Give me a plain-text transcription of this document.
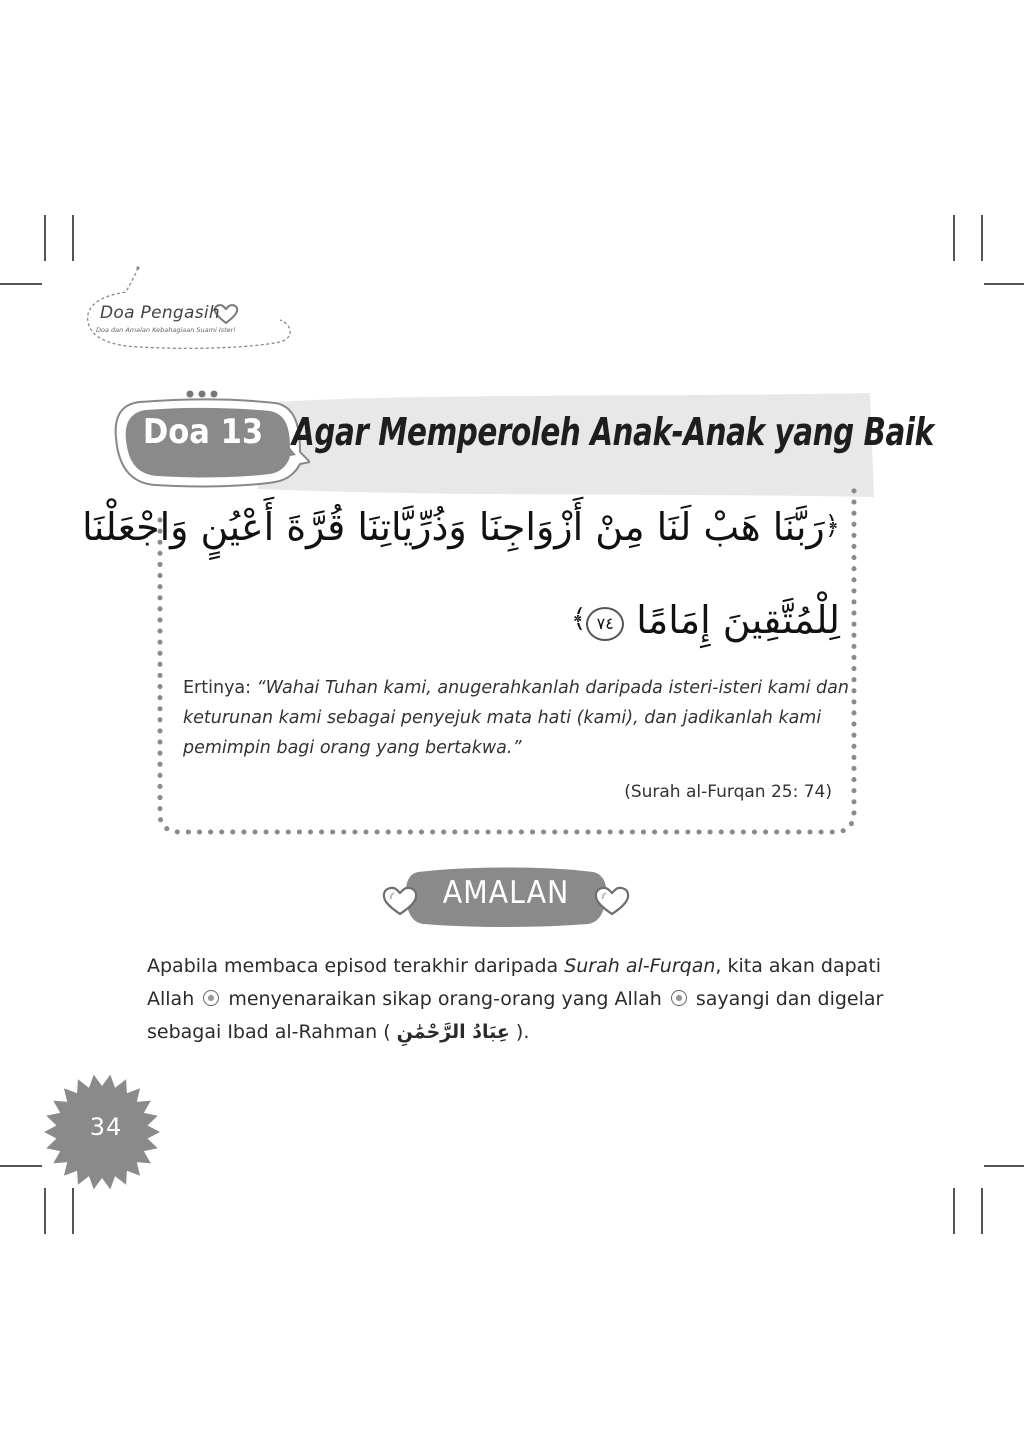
Doa Pengasih
Doa dan Amalan Kebahagiaan Suami Isteri
Doa 13 Agar Memperoleh Anak-Anak yang Baik
﴿رَبَّنَا هَبْ لَنَا مِنْ أَزْوَاجِنَا وَذُرِّيَّاتِنَا قُرَّةَ أَعْيُنٍ وَاجْعَلْنَا
لِلْمُتَّقِينَ إِمَامًا ٧٤﴾
Ertinya: “Wahai Tuhan kami, anugerahkanlah daripada isteri-isteri kami dan keturunan kami sebagai penyejuk mata hati (kami), dan jadikanlah kami pemimpin bagi orang yang bertakwa.”
(Surah al-Furqan 25: 74)
AMALAN
Apabila membaca episod terakhir daripada Surah al-Furqan, kita akan dapati Allah  menyenaraikan sikap orang-orang yang Allah  sayangi dan digelar sebagai Ibad al-Rahman ( عِبَادُ الرَّحْمَٰنِ ).
34
